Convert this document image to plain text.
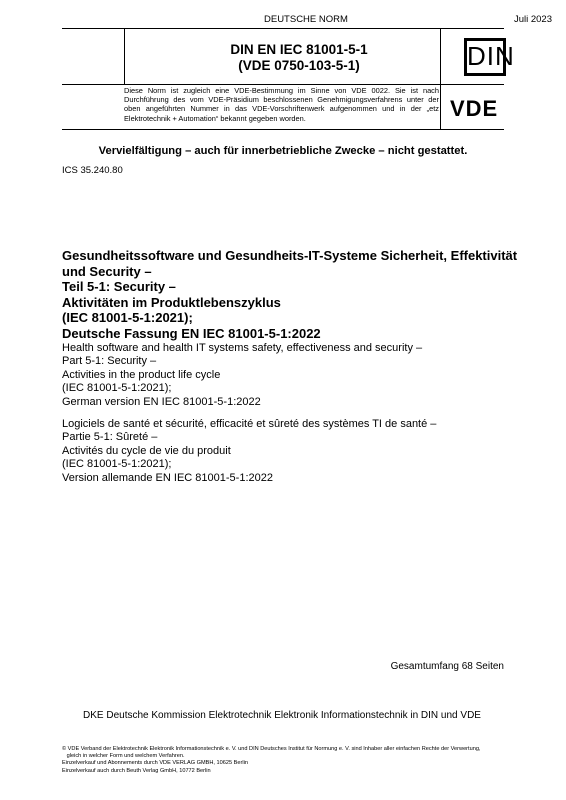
DEUTSCHE NORM	Juli 2023
DIN EN IEC 81001-5-1
(VDE 0750-103-5-1)	DIN
VDE
Diese Norm ist zugleich eine VDE-Bestimmung im Sinne von VDE 0022. Sie ist nach Durchführung des vom VDE-Präsidium beschlossenen Genehmigungsverfahrens unter der oben angeführten Nummer in das VDE-Vorschriftenwerk aufgenommen und in der „etz Elektrotechnik + Automation“ bekannt gegeben worden.
Vervielfältigung – auch für innerbetriebliche Zwecke – nicht gestattet.
ICS 35.240.80
Gesundheitssoftware und Gesundheits-IT-Systeme Sicherheit, Effektivität
und Security –
Teil 5-1: Security –
Aktivitäten im Produktlebenszyklus
(IEC 81001-5-1:2021);
Deutsche Fassung EN IEC 81001-5-1:2022
Health software and health IT systems safety, effectiveness and security –
Part 5-1: Security –
Activities in the product life cycle
(IEC 81001-5-1:2021);
German version EN IEC 81001-5-1:2022
Logiciels de santé et sécurité, efficacité et sûreté des systèmes TI de santé –
Partie 5-1: Sûreté –
Activités du cycle de vie du produit
(IEC 81001-5-1:2021);
Version allemande EN IEC 81001-5-1:2022
Gesamtumfang 68 Seiten
DKE Deutsche Kommission Elektrotechnik Elektronik Informationstechnik in DIN und VDE
© VDE Verband der Elektrotechnik Elektronik Informationstechnik e. V. und DIN Deutsches Institut für Normung e. V. sind Inhaber aller einfachen Rechte der Verwertung,
gleich in welcher Form und welchem Verfahren.
Einzelverkauf und Abonnements durch VDE VERLAG GMBH, 10625 Berlin
Einzelverkauf auch durch Beuth Verlag GmbH, 10772 Berlin
